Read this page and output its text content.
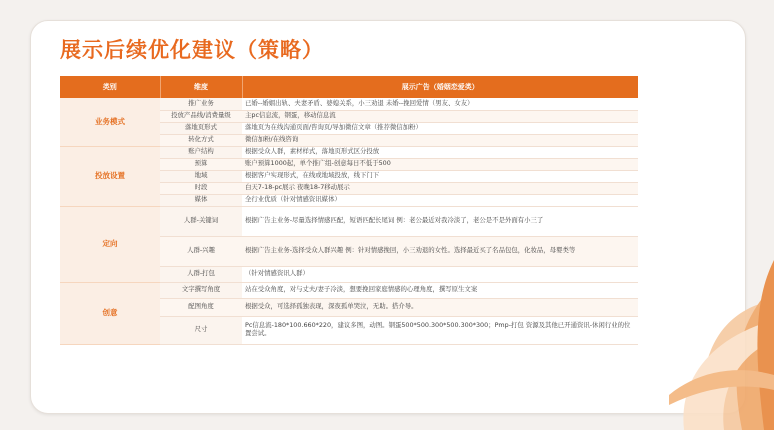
展示后续优化建议（策略）
类别	维度	展示广告（婚姻恋爱类）
业务模式	推广业务	已婚--婚姻出轨、夫妻矛盾、婆媳关系，小三劝退 未婚--挽回爱情（男友、女友）
	投放产品线/消费量级	主pc信息流，钢蛋，移动信息流
	落地页形式	落地页为在线沟通页面/咨询页/导加微信文章（推荐微信加粉）
	转化方式	微信加粉/在线咨询
投放设置	账户结构	根据受众人群，素材样式，落地页形式区分投放
	预算	账户预算1000起，单个推广组-创意每日不低于500
	地域	根据客户实现形式，在线或地域投放，线下门下
	时段	白天7-18-pc展示 夜晚18-7移动展示
	媒体	全行业优质（针对情感资讯媒体）
定向	人群-关键词	根据广告主业务-尽量选择情感匹配，短语匹配长尾词 例：老公最近对我冷淡了，老公是不是外面有小三了
	人群-兴趣	根据广告主业务-选择受众人群兴趣 例：针对情感挽回，小三劝退的女性。选择最近买了名品包包，化妆品，母婴类等
	人群-打包	（针对情感资讯人群）
创意	文字撰写角度	站在受众角度，对与丈夫/妻子冷淡，想要挽回家庭情感的心理角度，撰写原生文案
	配图角度	根据受众，可选择孤独表现，深夜孤单哭泣，无助。搭介导。
	尺寸	Pc信息流-180*100.660*220，建议多图，动图。钢蛋500*500.300*500.300*300；Pmp-打包 资源及其他已开通资讯-休闲行业的位置尝试。
